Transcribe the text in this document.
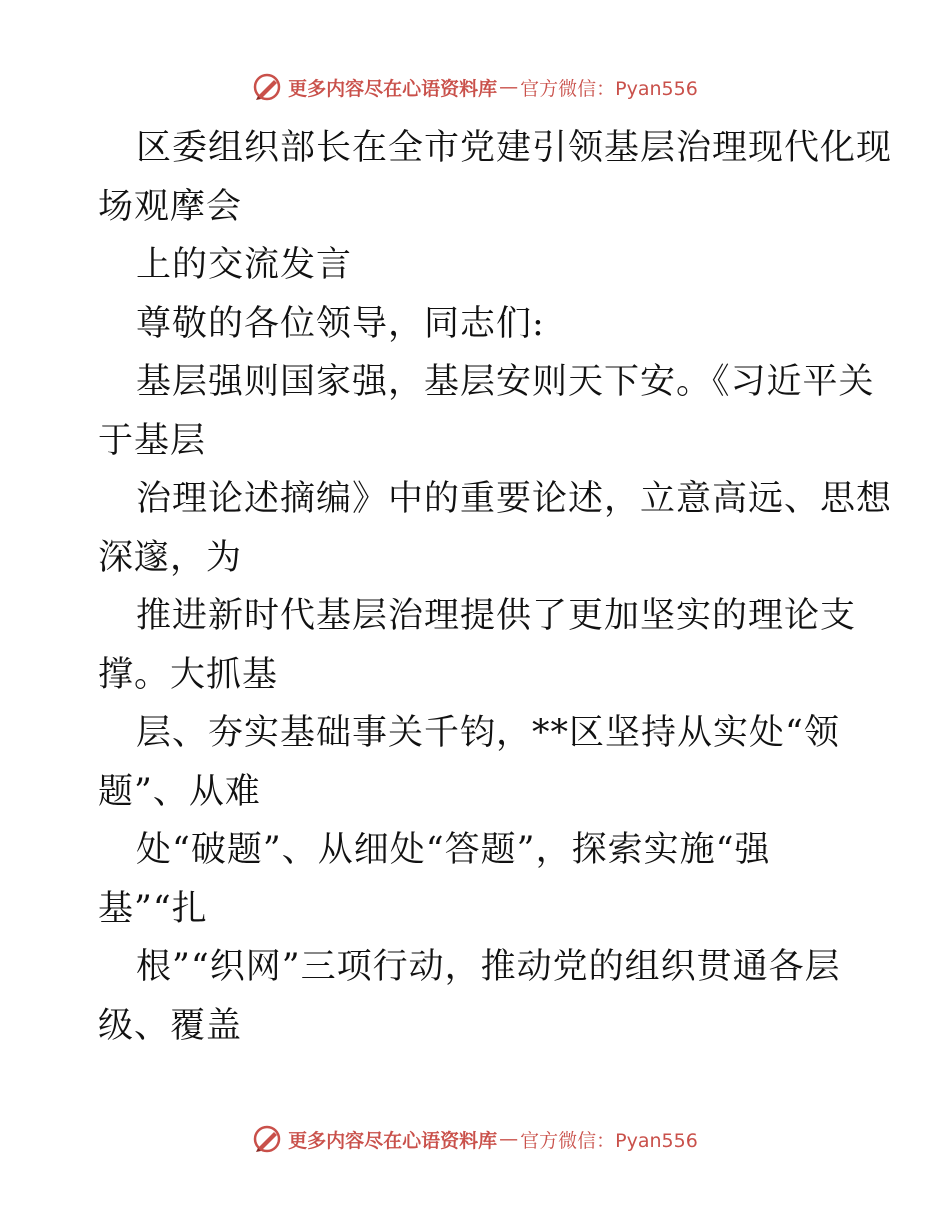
更多内容尽在心语资料库 — 官方微信：Pyan556
区委组织部长在全市党建引领基层治理现代化现
场观摩会
上的交流发言
尊敬的各位领导，同志们:
基层强则国家强，基层安则天下安。《习近平关
于基层
治理论述摘编》中的重要论述，立意高远、思想
深邃，为
推进新时代基层治理提供了更加坚实的理论支
撑。大抓基
层、夯实基础事关千钧，**区坚持从实处“领
题”、从难
处“破题”、从细处“答题”，探索实施“强
基”“扎
根”“织网”三项行动，推动党的组织贯通各层
级、覆盖
更多内容尽在心语资料库 — 官方微信：Pyan556
